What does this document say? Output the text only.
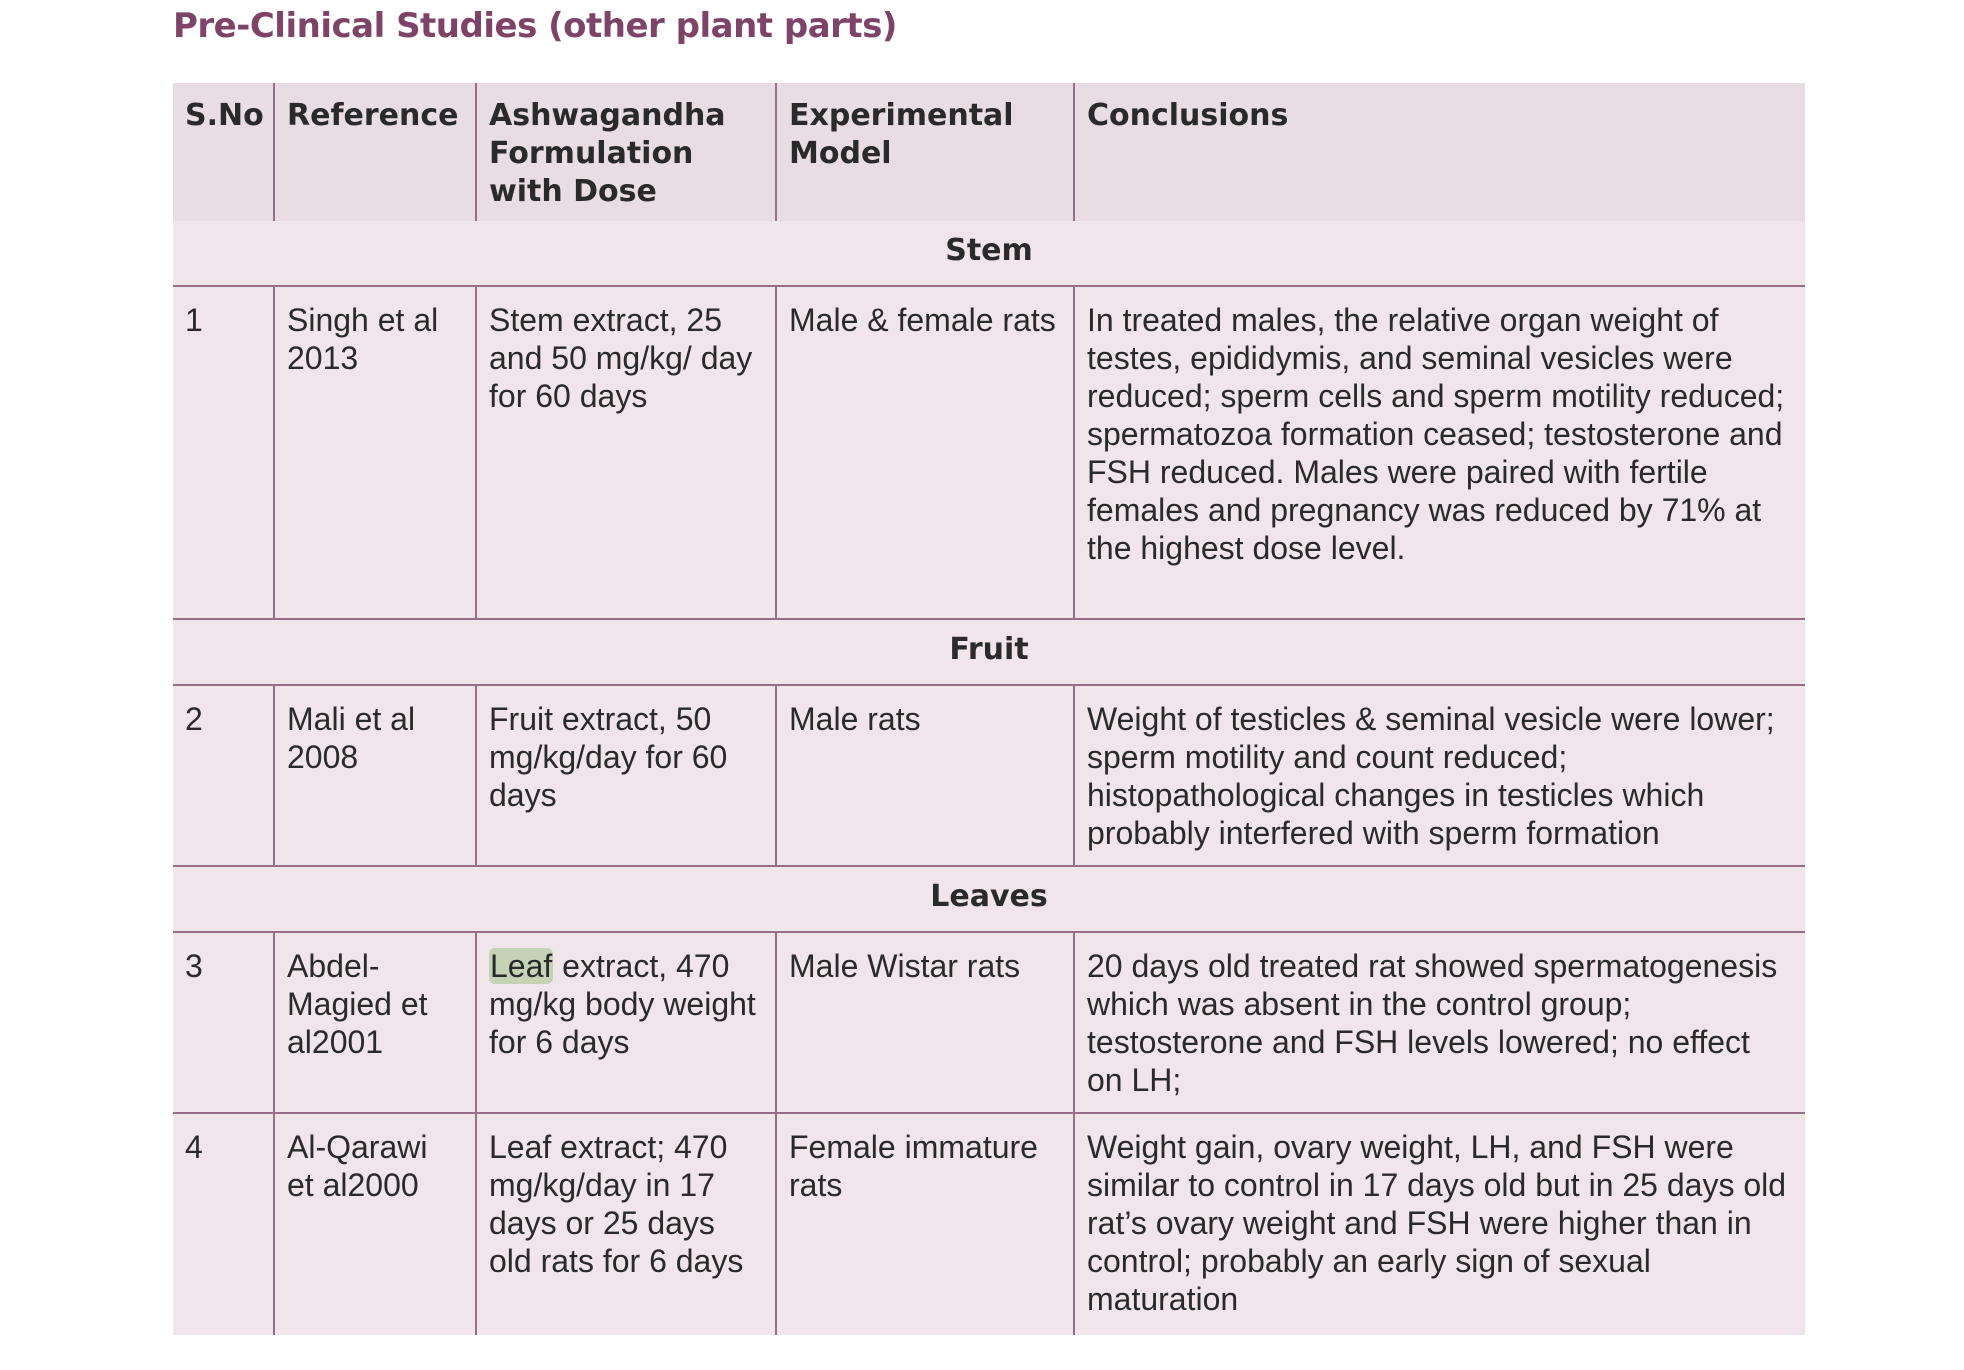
Pre-Clinical Studies (other plant parts)
S.No	Reference	Ashwagandha Formulation with Dose	Experimental Model	Conclusions
Stem				
1	Singh et al 2013	Stem extract, 25 and 50 mg/kg/ day for 60 days	Male & female rats	In treated males, the relative organ weight of testes, epididymis, and seminal vesicles were reduced; sperm cells and sperm motility reduced; spermatozoa formation ceased; testosterone and FSH reduced. Males were paired with fertile females and pregnancy was reduced by 71% at the highest dose level.
Fruit				
2	Mali et al 2008	Fruit extract, 50 mg/kg/day for 60 days	Male rats	Weight of testicles & seminal vesicle were lower; sperm motility and count reduced; histopathological changes in testicles which probably interfered with sperm formation
Leaves				
3	Abdel-Magied et al2001	Leaf extract, 470 mg/kg body weight for 6 days	Male Wistar rats	20 days old treated rat showed spermatogenesis which was absent in the control group; testosterone and FSH levels lowered; no effect on LH;
4	Al-Qarawi et al2000	Leaf extract; 470 mg/kg/day in 17 days or 25 days old rats for 6 days	Female immature rats	Weight gain, ovary weight, LH, and FSH were similar to control in 17 days old but in 25 days old rat’s ovary weight and FSH were higher than in control; probably an early sign of sexual maturation
